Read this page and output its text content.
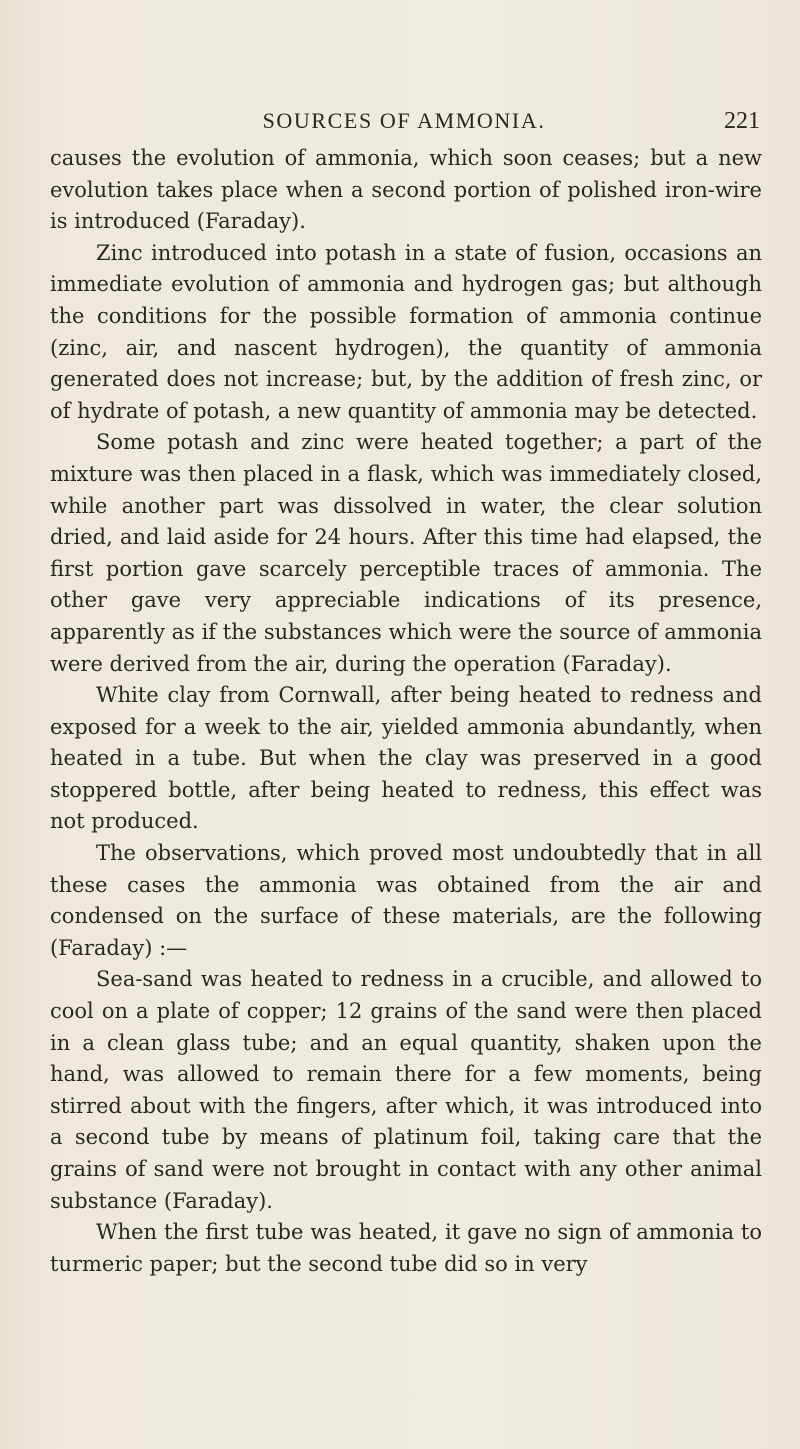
SOURCES OF AMMONIA.	221

causes the evolution of ammonia, which soon ceases; but a new evolution takes place when a second portion of polished iron-wire is introduced (Faraday).

Zinc introduced into potash in a state of fusion, occasions an immediate evolution of ammonia and hydrogen gas; but although the conditions for the possible formation of ammonia continue (zinc, air, and nascent hydrogen), the quantity of ammonia generated does not increase; but, by the addition of fresh zinc, or of hydrate of potash, a new quantity of ammonia may be detected.

Some potash and zinc were heated together; a part of the mixture was then placed in a flask, which was immediately closed, while another part was dissolved in water, the clear solution dried, and laid aside for 24 hours. After this time had elapsed, the first portion gave scarcely perceptible traces of ammonia. The other gave very appreciable indications of its presence, apparently as if the substances which were the source of ammonia were derived from the air, during the operation (Faraday).

White clay from Cornwall, after being heated to redness and exposed for a week to the air, yielded ammonia abundantly, when heated in a tube. But when the clay was preserved in a good stoppered bottle, after being heated to redness, this effect was not produced.

The observations, which proved most undoubtedly that in all these cases the ammonia was obtained from the air and condensed on the surface of these materials, are the following (Faraday) :—

Sea-sand was heated to redness in a crucible, and allowed to cool on a plate of copper; 12 grains of the sand were then placed in a clean glass tube; and an equal quantity, shaken upon the hand, was allowed to remain there for a few moments, being stirred about with the fingers, after which, it was introduced into a second tube by means of platinum foil, taking care that the grains of sand were not brought in contact with any other animal substance (Faraday).

When the first tube was heated, it gave no sign of ammonia to turmeric paper; but the second tube did so in very
